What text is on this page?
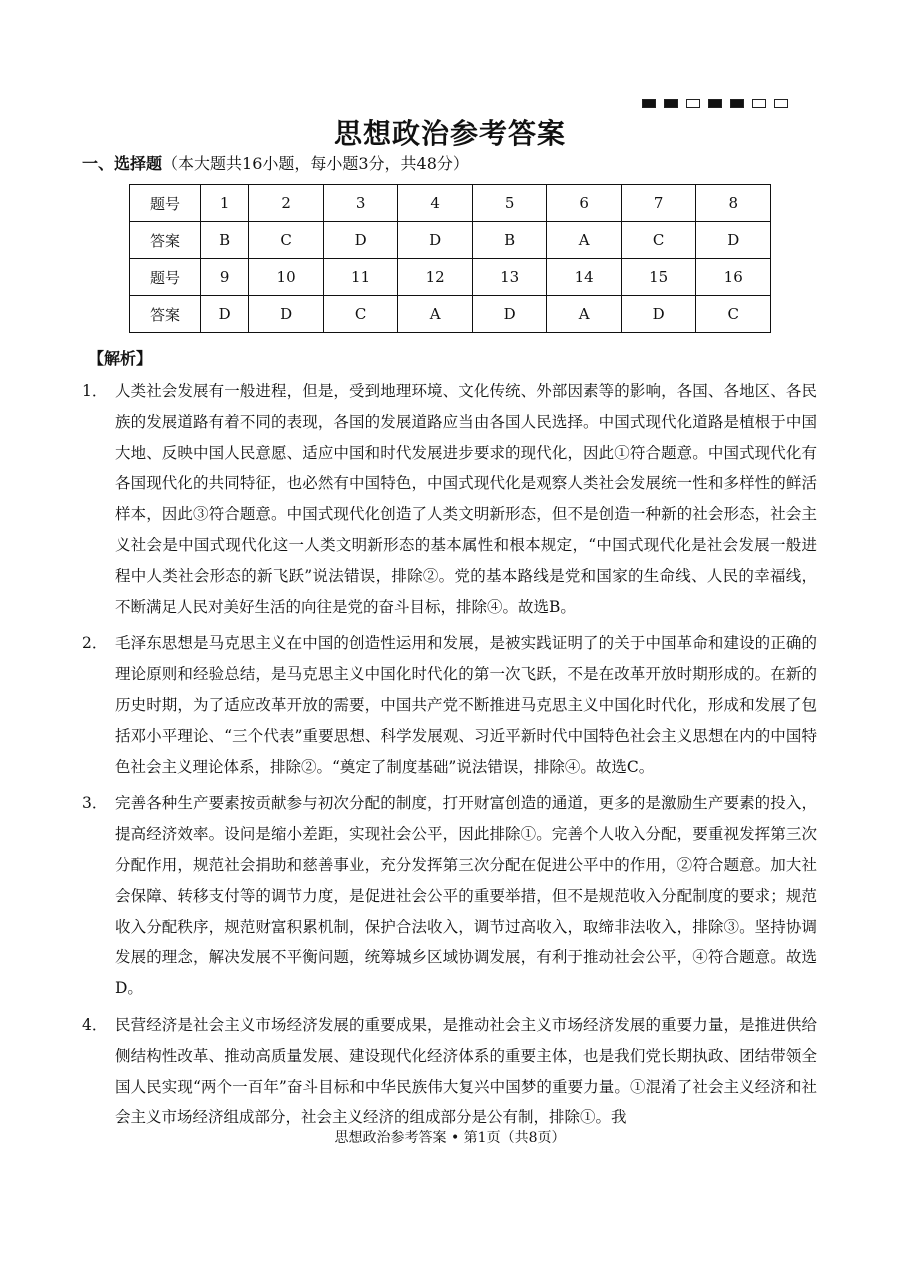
思想政治参考答案
一、选择题（本大题共16小题，每小题3分，共48分）
题号	1	2	3	4	5	6	7	8
答案	B	C	D	D	B	A	C	D
题号	9	10	11	12	13	14	15	16
答案	D	D	C	A	D	A	D	C
【解析】
1． 人类社会发展有一般进程，但是，受到地理环境、文化传统、外部因素等的影响，各国、各地区、各民族的发展道路有着不同的表现，各国的发展道路应当由各国人民选择。中国式现代化道路是植根于中国大地、反映中国人民意愿、适应中国和时代发展进步要求的现代化，因此①符合题意。中国式现代化有各国现代化的共同特征，也必然有中国特色，中国式现代化是观察人类社会发展统一性和多样性的鲜活样本，因此③符合题意。中国式现代化创造了人类文明新形态，但不是创造一种新的社会形态，社会主义社会是中国式现代化这一人类文明新形态的基本属性和根本规定，“中国式现代化是社会发展一般进程中人类社会形态的新飞跃”说法错误，排除②。党的基本路线是党和国家的生命线、人民的幸福线，不断满足人民对美好生活的向往是党的奋斗目标，排除④。故选B。
2． 毛泽东思想是马克思主义在中国的创造性运用和发展，是被实践证明了的关于中国革命和建设的正确的理论原则和经验总结，是马克思主义中国化时代化的第一次飞跃，不是在改革开放时期形成的。在新的历史时期，为了适应改革开放的需要，中国共产党不断推进马克思主义中国化时代化，形成和发展了包括邓小平理论、“三个代表”重要思想、科学发展观、习近平新时代中国特色社会主义思想在内的中国特色社会主义理论体系，排除②。“奠定了制度基础”说法错误，排除④。故选C。
3． 完善各种生产要素按贡献参与初次分配的制度，打开财富创造的通道，更多的是激励生产要素的投入，提高经济效率。设问是缩小差距，实现社会公平，因此排除①。完善个人收入分配，要重视发挥第三次分配作用，规范社会捐助和慈善事业，充分发挥第三次分配在促进公平中的作用，②符合题意。加大社会保障、转移支付等的调节力度，是促进社会公平的重要举措，但不是规范收入分配制度的要求；规范收入分配秩序，规范财富积累机制，保护合法收入，调节过高收入，取缔非法收入，排除③。坚持协调发展的理念，解决发展不平衡问题，统筹城乡区域协调发展，有利于推动社会公平，④符合题意。故选D。
4． 民营经济是社会主义市场经济发展的重要成果，是推动社会主义市场经济发展的重要力量，是推进供给侧结构性改革、推动高质量发展、建设现代化经济体系的重要主体，也是我们党长期执政、团结带领全国人民实现“两个一百年”奋斗目标和中华民族伟大复兴中国梦的重要力量。①混淆了社会主义经济和社会主义市场经济组成部分，社会主义经济的组成部分是公有制，排除①。我
思想政治参考答案 • 第1页（共8页）
